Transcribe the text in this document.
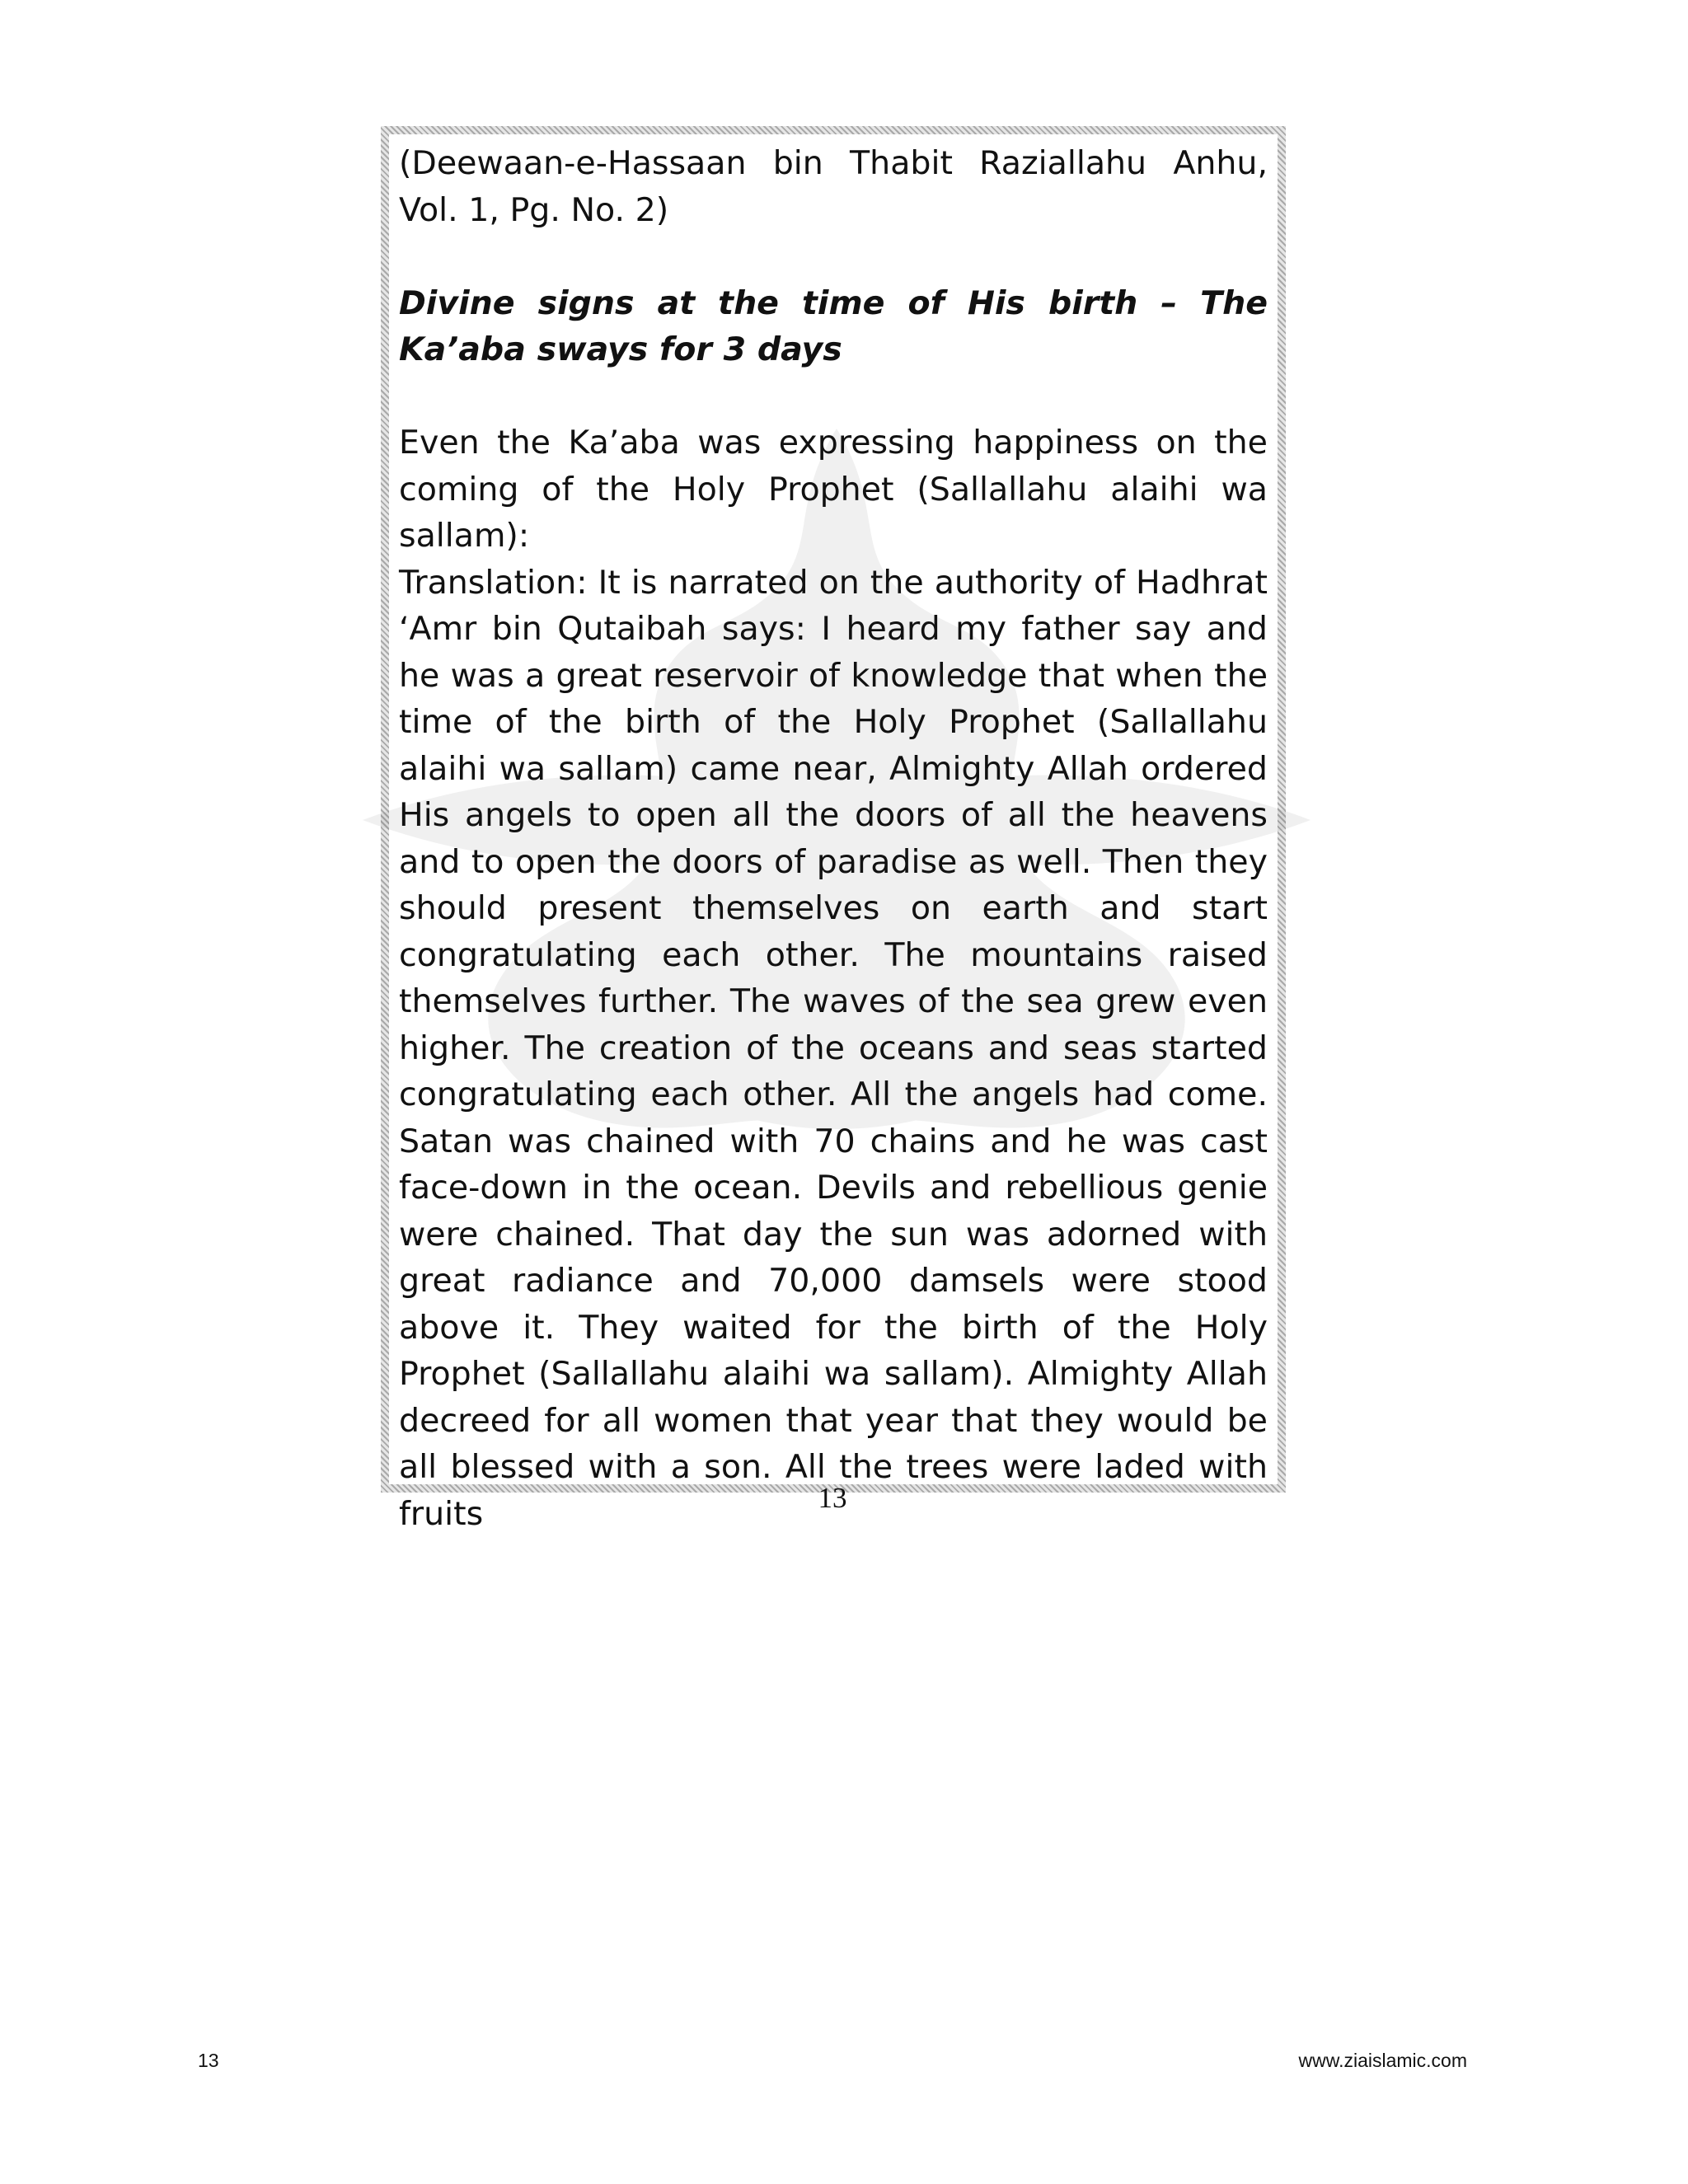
(Deewaan-e-Hassaan bin Thabit Raziallahu Anhu, Vol. 1, Pg. No. 2)

Divine signs at the time of His birth – The Ka’aba sways for 3 days

Even the Ka’aba was expressing happiness on the coming of the Holy Prophet (Sallallahu alaihi wa sallam):

Translation: It is narrated on the authority of Hadhrat ‘Amr bin Qutaibah says: I heard my father say and he was a great reservoir of knowledge that when the time of the birth of the Holy Prophet (Sallallahu alaihi wa sallam) came near, Almighty Allah ordered His angels to open all the doors of all the heavens and to open the doors of paradise as well. Then they should present themselves on earth and start congratulating each other. The mountains raised themselves further. The waves of the sea grew even higher. The creation of the oceans and seas started congratulating each other. All the angels had come. Satan was chained with 70 chains and he was cast face-down in the ocean. Devils and rebellious genie were chained. That day the sun was adorned with great radiance and 70,000 damsels were stood above it. They waited for the birth of the Holy Prophet (Sallallahu alaihi wa sallam). Almighty Allah decreed for all women that year that they would be all blessed with a son. All the trees were laded with fruits	13
13	www.ziaislamic.com
